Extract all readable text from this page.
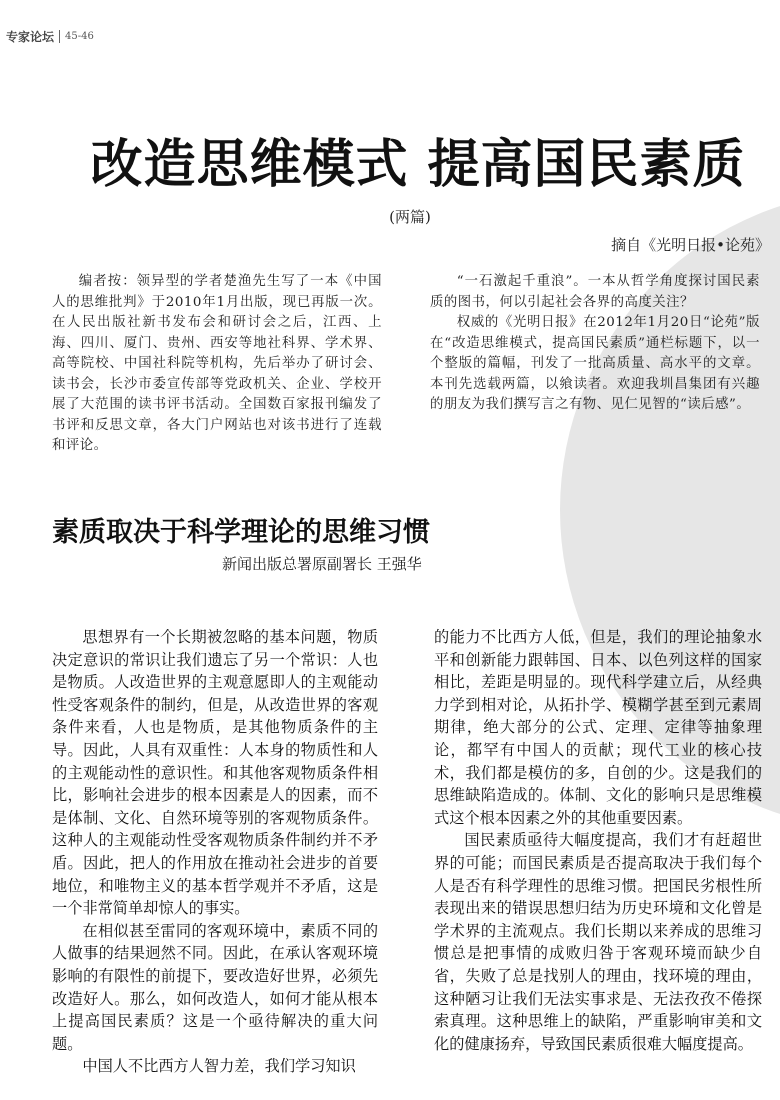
专家论坛 45-46
改造思维模式 提高国民素质
(两篇)
摘自《光明日报•论苑》

编者按：领异型的学者楚渔先生写了一本《中国人的思维批判》于2010年1月出版，现已再版一次。在人民出版社新书发布会和研讨会之后，江西、上海、四川、厦门、贵州、西安等地社科界、学术界、高等院校、中国社科院等机构，先后举办了研讨会、读书会，长沙市委宣传部等党政机关、企业、学校开展了大范围的读书评书活动。全国数百家报刊编发了书评和反思文章，各大门户网站也对该书进行了连载和评论。

“一石激起千重浪”。一本从哲学角度探讨国民素质的图书，何以引起社会各界的高度关注？

权威的《光明日报》在2012年1月20日“论苑”版在“改造思维模式，提高国民素质”通栏标题下，以一个整版的篇幅，刊发了一批高质量、高水平的文章。本刊先选载两篇，以飨读者。欢迎我圳昌集团有兴趣的朋友为我们撰写言之有物、见仁见智的“读后感”。

素质取决于科学理论的思维习惯
新闻出版总署原副署长 王强华

思想界有一个长期被忽略的基本问题，物质决定意识的常识让我们遗忘了另一个常识：人也是物质。人改造世界的主观意愿即人的主观能动性受客观条件的制约，但是，从改造世界的客观条件来看，人也是物质，是其他物质条件的主导。因此，人具有双重性：人本身的物质性和人的主观能动性的意识性。和其他客观物质条件相比，影响社会进步的根本因素是人的因素，而不是体制、文化、自然环境等别的客观物质条件。这种人的主观能动性受客观物质条件制约并不矛盾。因此，把人的作用放在推动社会进步的首要地位，和唯物主义的基本哲学观并不矛盾，这是一个非常简单却惊人的事实。

在相似甚至雷同的客观环境中，素质不同的人做事的结果迥然不同。因此，在承认客观环境影响的有限性的前提下，要改造好世界，必须先改造好人。那么，如何改造人，如何才能从根本上提高国民素质？这是一个亟待解决的重大问题。

中国人不比西方人智力差，我们学习知识

的能力不比西方人低，但是，我们的理论抽象水平和创新能力跟韩国、日本、以色列这样的国家相比，差距是明显的。现代科学建立后，从经典力学到相对论，从拓扑学、模糊学甚至到元素周期律，绝大部分的公式、定理、定律等抽象理论，都罕有中国人的贡献；现代工业的核心技术，我们都是模仿的多，自创的少。这是我们的思维缺陷造成的。体制、文化的影响只是思维模式这个根本因素之外的其他重要因素。

国民素质亟待大幅度提高，我们才有赶超世界的可能；而国民素质是否提高取决于我们每个人是否有科学理性的思维习惯。把国民劣根性所表现出来的错误思想归结为历史环境和文化曾是学术界的主流观点。我们长期以来养成的思维习惯总是把事情的成败归咎于客观环境而缺少自省，失败了总是找别人的理由，找环境的理由，这种陋习让我们无法实事求是、无法孜孜不倦探索真理。这种思维上的缺陷，严重影响审美和文化的健康扬弃，导致国民素质很难大幅度提高。
